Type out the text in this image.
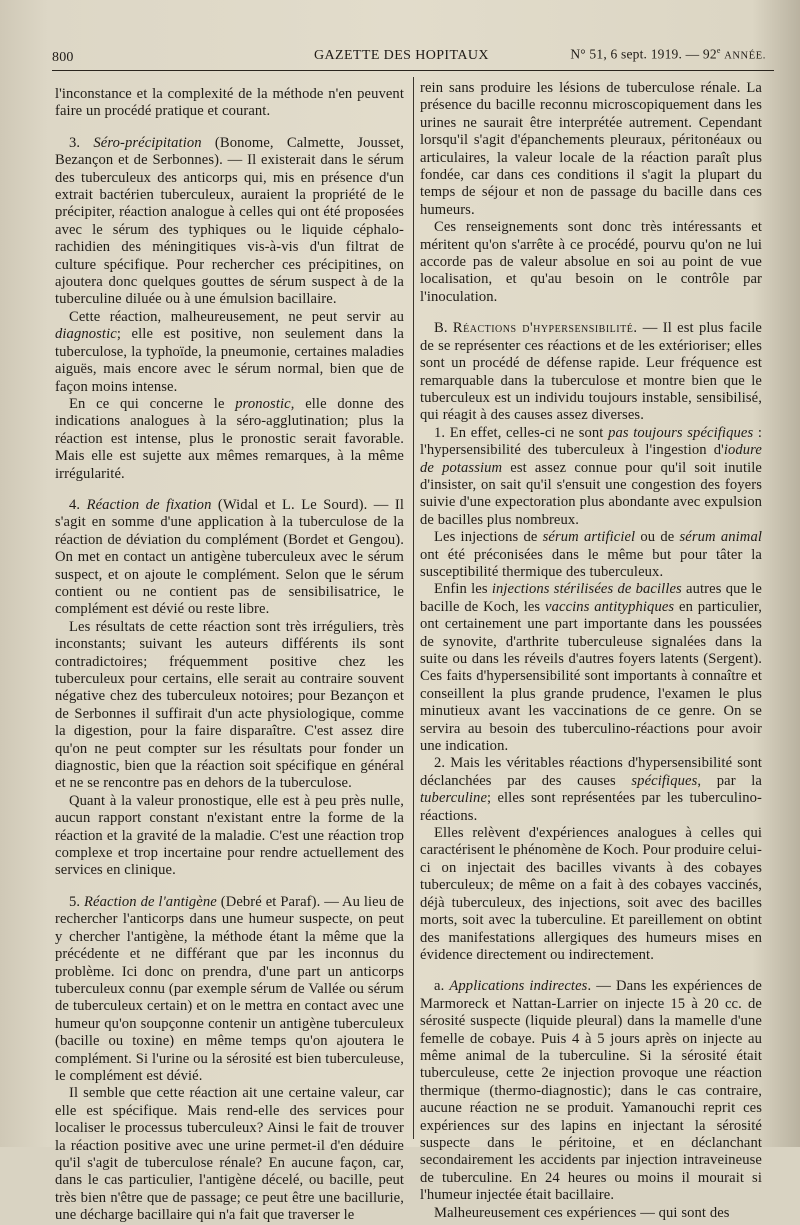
800	GAZETTE DES HOPITAUX	N° 51, 6 sept. 1919. — 92e ANNÉE.

l'inconstance et la complexité de la méthode n'en peuvent faire un procédé pratique et courant.

3. Séro-précipitation (Bonome, Calmette, Jousset, Bezançon et de Serbonnes). — Il existerait dans le sérum des tuberculeux des anticorps qui, mis en présence d'un extrait bactérien tuberculeux, auraient la propriété de le précipiter, réaction analogue à celles qui ont été proposées avec le sérum des typhiques ou le liquide céphalo-rachidien des méningitiques vis-à-vis d'un filtrat de culture spécifique. Pour rechercher ces précipitines, on ajoutera donc quelques gouttes de sérum suspect à de la tuberculine diluée ou à une émulsion bacillaire.

Cette réaction, malheureusement, ne peut servir au diagnostic; elle est positive, non seulement dans la tuberculose, la typhoïde, la pneumonie, certaines maladies aiguës, mais encore avec le sérum normal, bien que de façon moins intense.

En ce qui concerne le pronostic, elle donne des indications analogues à la séro-agglutination; plus la réaction est intense, plus le pronostic serait favorable. Mais elle est sujette aux mêmes remarques, à la même irrégularité.

4. Réaction de fixation (Widal et L. Le Sourd). — Il s'agit en somme d'une application à la tuberculose de la réaction de déviation du complément (Bordet et Gengou). On met en contact un antigène tuberculeux avec le sérum suspect, et on ajoute le complément. Selon que le sérum contient ou ne contient pas de sensibilisatrice, le complément est dévié ou reste libre.

Les résultats de cette réaction sont très irréguliers, très inconstants; suivant les auteurs différents ils sont contradictoires; fréquemment positive chez les tuberculeux pour certains, elle serait au contraire souvent négative chez des tuberculeux notoires; pour Bezançon et de Serbonnes il suffirait d'un acte physiologique, comme la digestion, pour la faire disparaître. C'est assez dire qu'on ne peut compter sur les résultats pour fonder un diagnostic, bien que la réaction soit spécifique en général et ne se rencontre pas en dehors de la tuberculose.

Quant à la valeur pronostique, elle est à peu près nulle, aucun rapport constant n'existant entre la forme de la réaction et la gravité de la maladie. C'est une réaction trop complexe et trop incertaine pour rendre actuellement des services en clinique.

5. Réaction de l'antigène (Debré et Paraf). — Au lieu de rechercher l'anticorps dans une humeur suspecte, on peut y chercher l'antigène, la méthode étant la même que la précédente et ne différant que par les inconnus du problème. Ici donc on prendra, d'une part un anticorps tuberculeux connu (par exemple sérum de Vallée ou sérum de tuberculeux certain) et on le mettra en contact avec une humeur qu'on soupçonne contenir un antigène tuberculeux (bacille ou toxine) en même temps qu'on ajoutera le complément. Si l'urine ou la sérosité est bien tuberculeuse, le complément est dévié.

Il semble que cette réaction ait une certaine valeur, car elle est spécifique. Mais rend-elle des services pour localiser le processus tuberculeux? Ainsi le fait de trouver la réaction positive avec une urine permet-il d'en déduire qu'il s'agit de tuberculose rénale? En aucune façon, car, dans le cas particulier, l'antigène décelé, ou bacille, peut très bien n'être que de passage; ce peut être une bacillurie, une décharge bacillaire qui n'a fait que traverser le

rein sans produire les lésions de tuberculose rénale. La présence du bacille reconnu microscopiquement dans les urines ne saurait être interprétée autrement. Cependant lorsqu'il s'agit d'épanchements pleuraux, péritonéaux ou articulaires, la valeur locale de la réaction paraît plus fondée, car dans ces conditions il s'agit la plupart du temps de séjour et non de passage du bacille dans ces humeurs.

Ces renseignements sont donc très intéressants et méritent qu'on s'arrête à ce procédé, pourvu qu'on ne lui accorde pas de valeur absolue en soi au point de vue localisation, et qu'au besoin on le contrôle par l'inoculation.

B. Réactions d'hypersensibilité. — Il est plus facile de se représenter ces réactions et de les extérioriser; elles sont un procédé de défense rapide. Leur fréquence est remarquable dans la tuberculose et montre bien que le tuberculeux est un individu toujours instable, sensibilisé, qui réagit à des causes assez diverses.

1. En effet, celles-ci ne sont pas toujours spécifiques : l'hypersensibilité des tuberculeux à l'ingestion d'iodure de potassium est assez connue pour qu'il soit inutile d'insister, on sait qu'il s'ensuit une congestion des foyers suivie d'une expectoration plus abondante avec expulsion de bacilles plus nombreux.

Les injections de sérum artificiel ou de sérum animal ont été préconisées dans le même but pour tâter la susceptibilité thermique des tuberculeux.

Enfin les injections stérilisées de bacilles autres que le bacille de Koch, les vaccins antityphiques en particulier, ont certainement une part importante dans les poussées de synovite, d'arthrite tuberculeuse signalées dans la suite ou dans les réveils d'autres foyers latents (Sergent). Ces faits d'hypersensibilité sont importants à connaître et conseillent la plus grande prudence, l'examen le plus minutieux avant les vaccinations de ce genre. On se servira au besoin des tuberculino-réactions pour avoir une indication.

2. Mais les véritables réactions d'hypersensibilité sont déclanchées par des causes spécifiques, par la tuberculine; elles sont représentées par les tuberculino-réactions.

Elles relèvent d'expériences analogues à celles qui caractérisent le phénomène de Koch. Pour produire celui-ci on injectait des bacilles vivants à des cobayes tuberculeux; de même on a fait à des cobayes vaccinés, déjà tuberculeux, des injections, soit avec des bacilles morts, soit avec la tuberculine. Et pareillement on obtint des manifestations allergiques des humeurs mises en évidence directement ou indirectement.

a. Applications indirectes. — Dans les expériences de Marmoreck et Nattan-Larrier on injecte 15 à 20 cc. de sérosité suspecte (liquide pleural) dans la mamelle d'une femelle de cobaye. Puis 4 à 5 jours après on injecte au même animal de la tuberculine. Si la sérosité était tuberculeuse, cette 2e injection provoque une réaction thermique (thermo-diagnostic); dans le cas contraire, aucune réaction ne se produit. Yamanouchi reprit ces expériences sur des lapins en injectant la sérosité suspecte dans le péritoine, et en déclanchant secondairement les accidents par injection intraveineuse de tuberculine. En 24 heures ou moins il mourait si l'humeur injectée était bacillaire.

Malheureusement ces expériences — qui sont des
